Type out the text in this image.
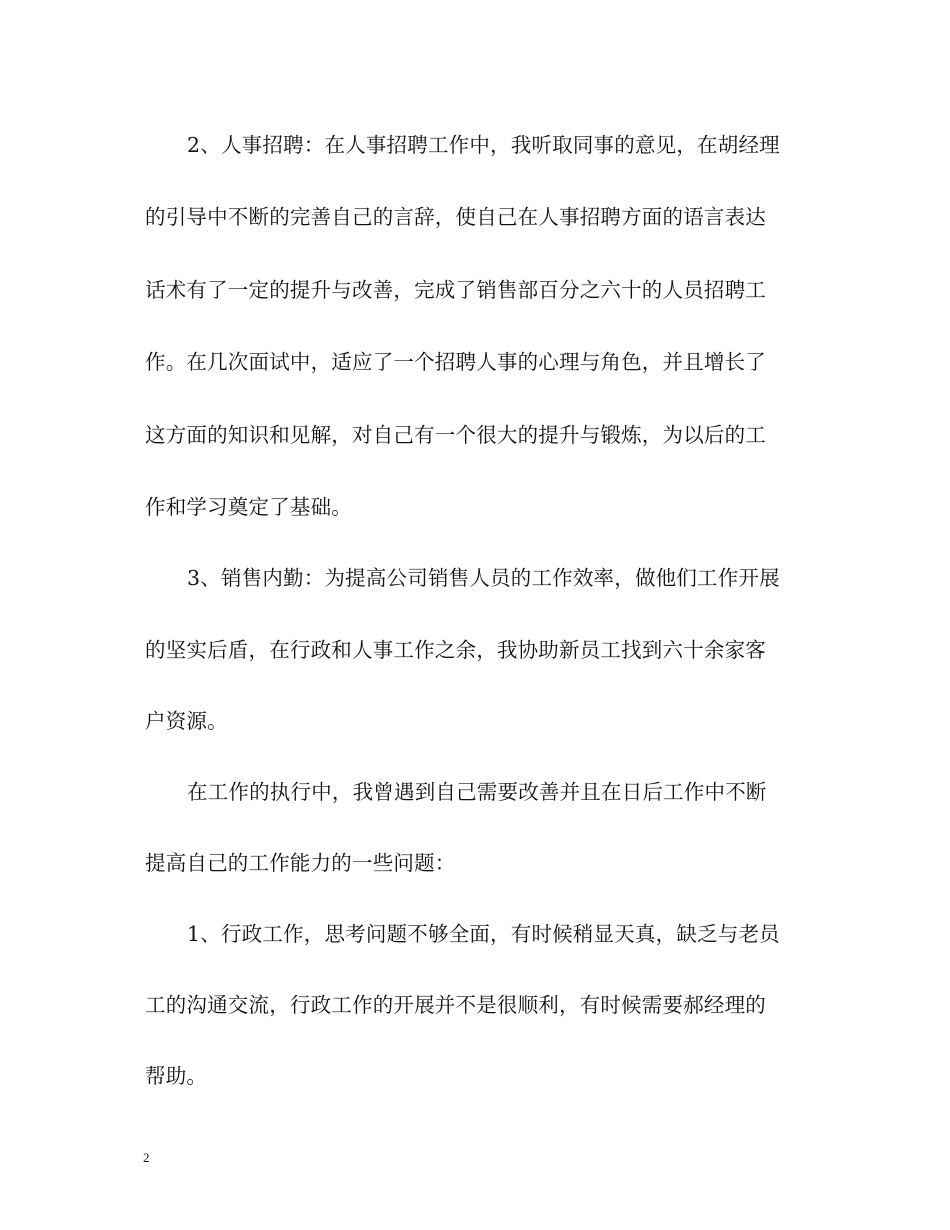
2、人事招聘：在人事招聘工作中，我听取同事的意见，在胡经理
的引导中不断的完善自己的言辞，使自己在人事招聘方面的语言表达
话术有了一定的提升与改善，完成了销售部百分之六十的人员招聘工
作。在几次面试中，适应了一个招聘人事的心理与角色，并且增长了
这方面的知识和见解，对自己有一个很大的提升与锻炼，为以后的工
作和学习奠定了基础。
3、销售内勤：为提高公司销售人员的工作效率，做他们工作开展
的坚实后盾，在行政和人事工作之余，我协助新员工找到六十余家客
户资源。
在工作的执行中，我曾遇到自己需要改善并且在日后工作中不断
提高自己的工作能力的一些问题：
1、行政工作，思考问题不够全面，有时候稍显天真，缺乏与老员
工的沟通交流，行政工作的开展并不是很顺利，有时候需要郝经理的
帮助。
2
